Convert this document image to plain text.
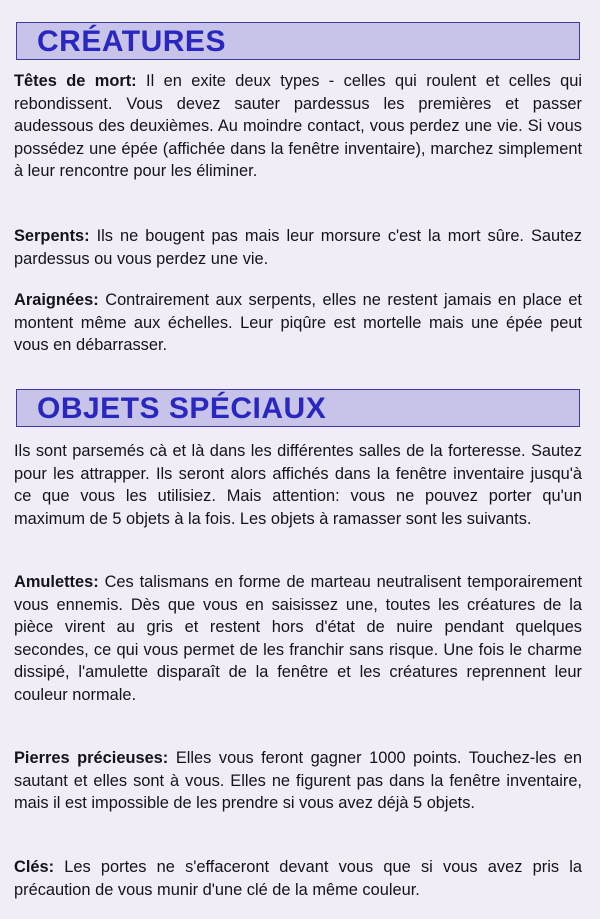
CRÉATURES

Têtes de mort: Il en exite deux types - celles qui roulent et celles qui rebondissent. Vous devez sauter pardessus les premières et passer audessous des deuxièmes. Au moindre contact, vous perdez une vie. Si vous possédez une épée (affichée dans la fenêtre inventaire), marchez simplement à leur rencontre pour les éliminer.

Serpents: Ils ne bougent pas mais leur morsure c'est la mort sûre. Sautez pardessus ou vous perdez une vie.

Araignées: Contrairement aux serpents, elles ne restent jamais en place et montent même aux échelles. Leur piqûre est mortelle mais une épée peut vous en débarrasser.

OBJETS SPÉCIAUX

Ils sont parsemés cà et là dans les différentes salles de la forteresse. Sautez pour les attrapper. Ils seront alors affichés dans la fenêtre inventaire jusqu'à ce que vous les utilisiez. Mais attention: vous ne pouvez porter qu'un maximum de 5 objets à la fois. Les objets à ramasser sont les suivants.

Amulettes: Ces talismans en forme de marteau neutralisent temporairement vous ennemis. Dès que vous en saisissez une, toutes les créatures de la pièce virent au gris et restent hors d'état de nuire pendant quelques secondes, ce qui vous permet de les franchir sans risque. Une fois le charme dissipé, l'amulette disparaît de la fenêtre et les créatures reprennent leur couleur normale.

Pierres précieuses: Elles vous feront gagner 1000 points. Touchez-les en sautant et elles sont à vous. Elles ne figurent pas dans la fenêtre inventaire, mais il est impossible de les prendre si vous avez déjà 5 objets.

Clés: Les portes ne s'effaceront devant vous que si vous avez pris la précaution de vous munir d'une clé de la même couleur.
